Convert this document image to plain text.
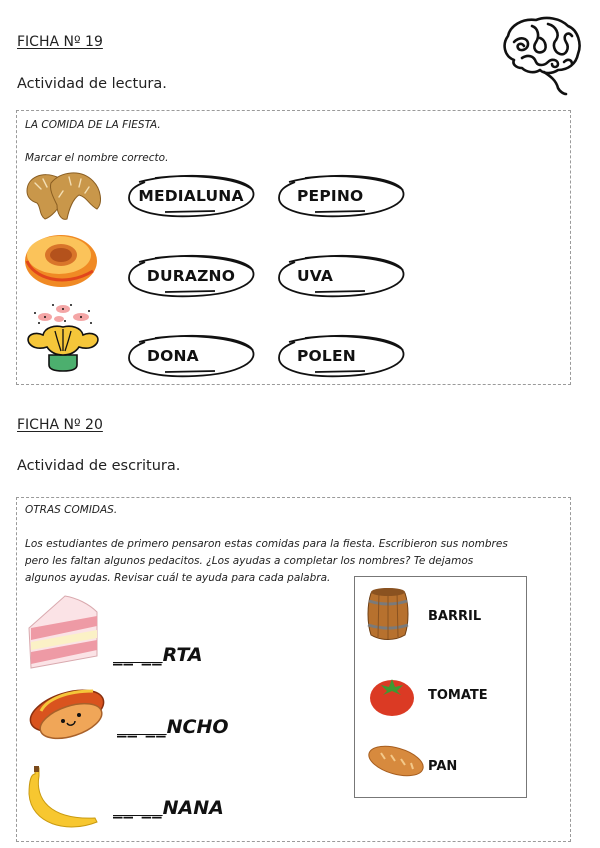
FICHA Nº 19
Actividad de lectura.
LA COMIDA DE LA FIESTA.
Marcar el nombre correcto.
MEDIALUNA	PEPINO
DURAZNO	UVA
DONA	POLEN
FICHA Nº 20
Actividad de escritura.
OTRAS COMIDAS.
Los estudiantes de primero pensaron estas comidas para la fiesta. Escribieron sus nombres
pero les faltan algunos pedacitos. ¿Los ayudas a completar los nombres? Te dejamos
algunos ayudas. Revisar cuál te ayuda para cada palabra.
__ __RTA
__ __NCHO
__ __NANA
BARRIL
TOMATE
PAN
